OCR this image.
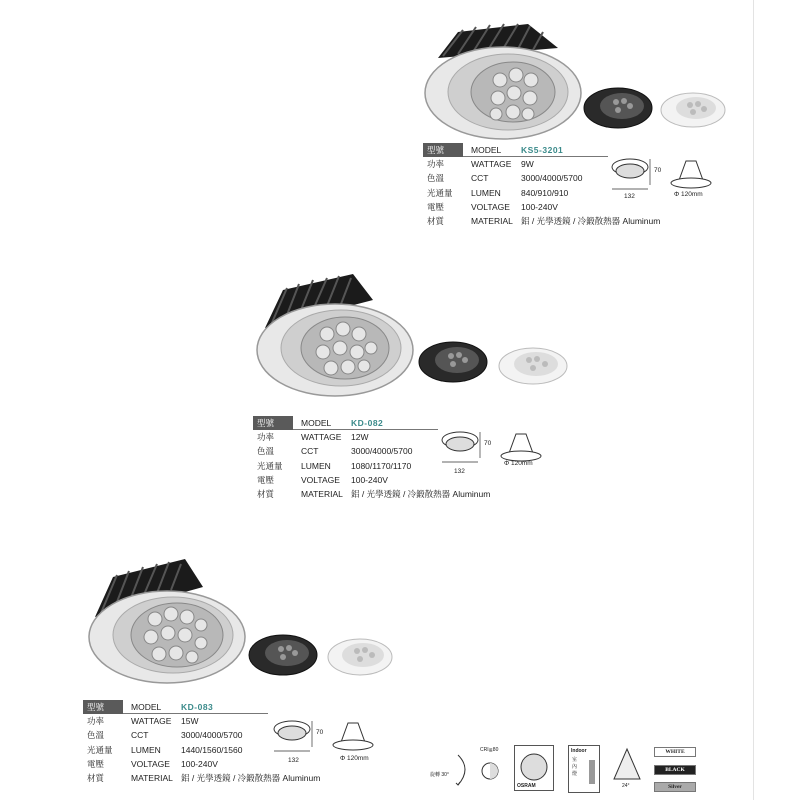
型號	MODEL KS5-3201
功率	WATTAGE 9W
色溫	CCT	3000/4000/5700
光通量	LUMEN 840/910/910
電壓	VOLTAGE 100-240V
材質	MATERIAL 鋁 / 光學透鏡 / 冷鍛散熱器 Aluminum
70
132	Φ 120mm
型號	MODEL KD-082
功率	WATTAGE 12W
色溫	CCT	3000/4000/5700
光通量	LUMEN 1080/1170/1170
電壓	VOLTAGE 100-240V
材質	MATERIAL 鋁 / 光學透鏡 / 冷鍛散熱器 Aluminum
70
132
Φ 120mm
型號	MODEL KD-083
功率	WATTAGE 15W
色溫	CCT	3000/4000/5700
光通量	LUMEN 1440/1560/1560
電壓	VOLTAGE 100-240V
材質	MATERIAL 鋁 / 光學透鏡 / 冷鍛散熱器 Aluminum
70
132	Φ 120mm
旋轉 30°
CRI≧80
OSRAM
Indoor
室內燈
24°
WHITE
BLACK
Silver
